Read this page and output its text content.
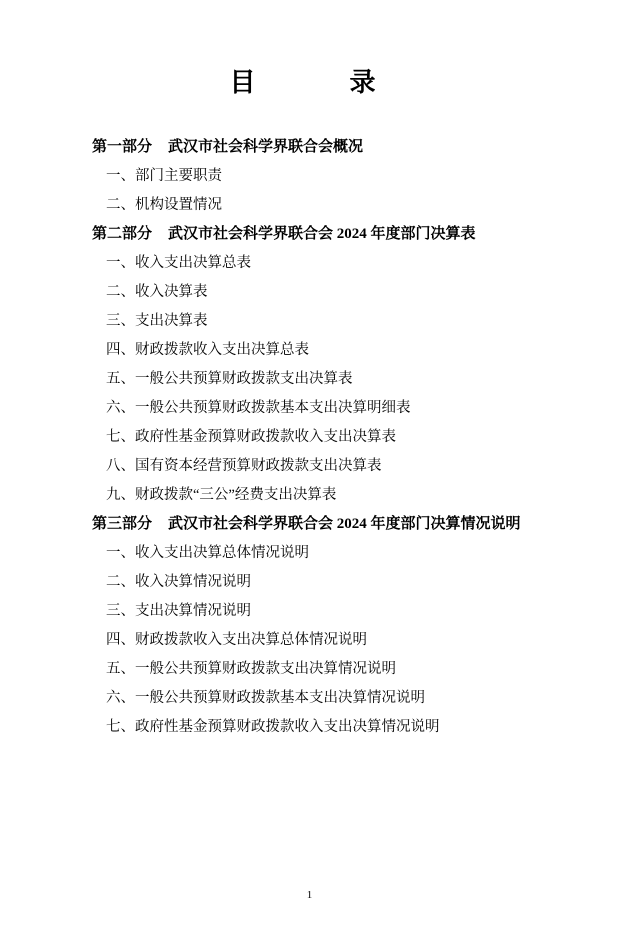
目　　录
第一部分 武汉市社会科学界联合会概况
一、部门主要职责
二、机构设置情况
第二部分 武汉市社会科学界联合会 2024 年度部门决算表
一、收入支出决算总表
二、收入决算表
三、支出决算表
四、财政拨款收入支出决算总表
五、一般公共预算财政拨款支出决算表
六、一般公共预算财政拨款基本支出决算明细表
七、政府性基金预算财政拨款收入支出决算表
八、国有资本经营预算财政拨款支出决算表
九、财政拨款“三公”经费支出决算表
第三部分 武汉市社会科学界联合会 2024 年度部门决算情况说明
一、收入支出决算总体情况说明
二、收入决算情况说明
三、支出决算情况说明
四、财政拨款收入支出决算总体情况说明
五、一般公共预算财政拨款支出决算情况说明
六、一般公共预算财政拨款基本支出决算情况说明
七、政府性基金预算财政拨款收入支出决算情况说明
1
